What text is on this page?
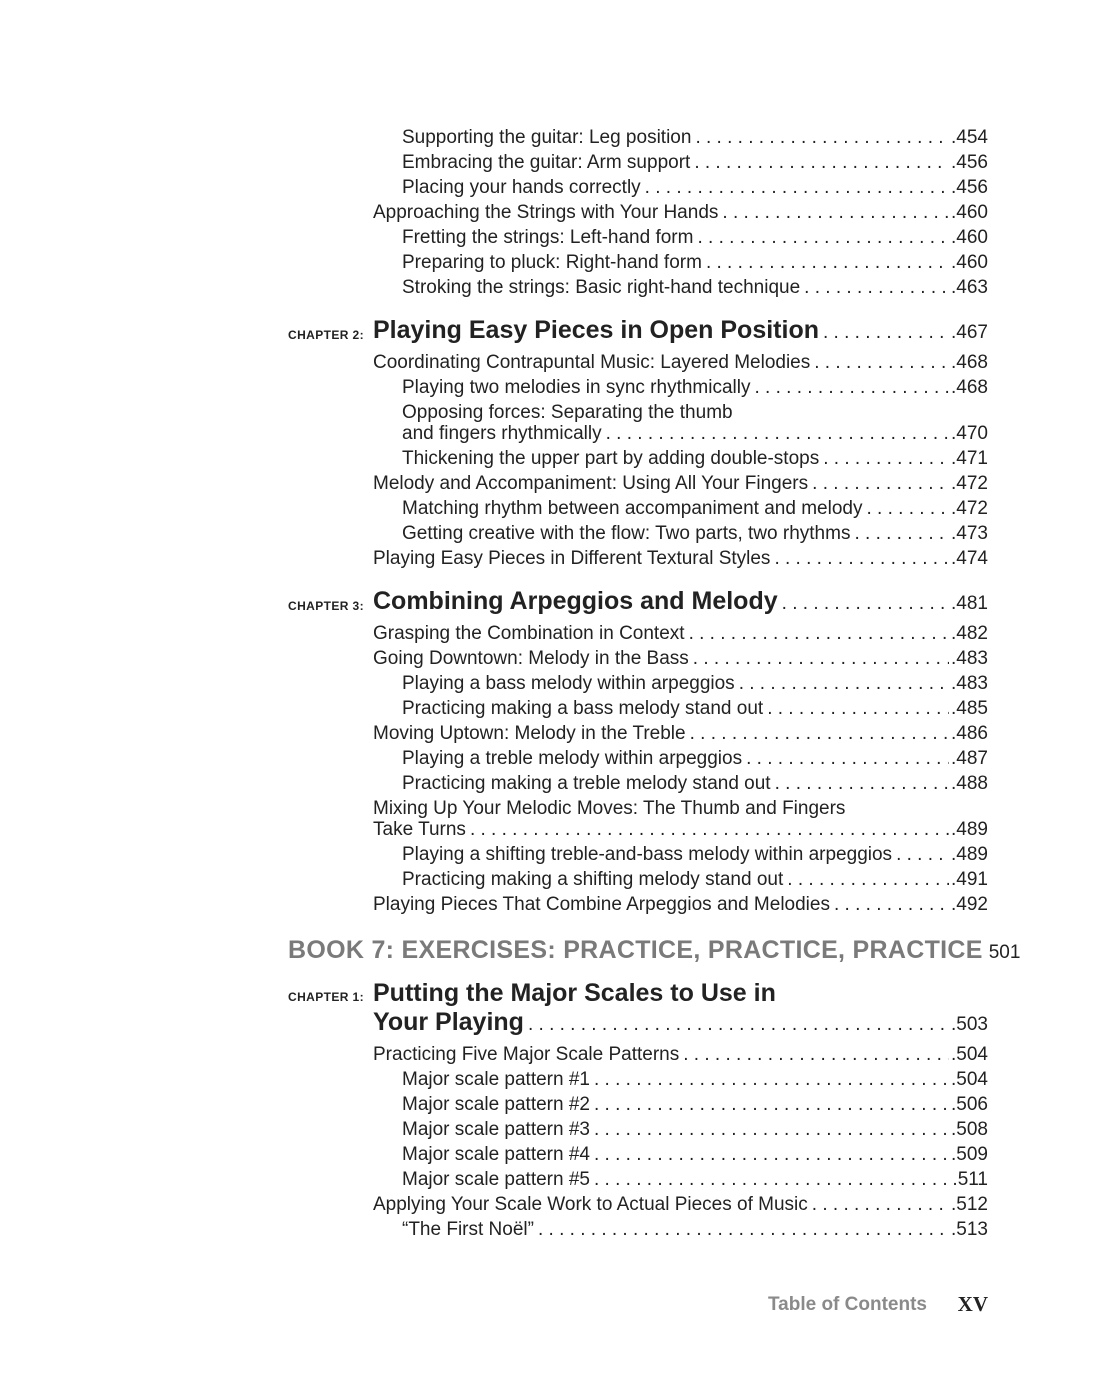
Supporting the guitar: Leg position . . .	.454
Embracing the guitar: Arm support . . .	.456
Placing your hands correctly . . .	.456
Approaching the Strings with Your Hands . . .	.460
Fretting the strings: Left-hand form . . .	.460
Preparing to pluck: Right-hand form . . .	.460
Stroking the strings: Basic right-hand technique . . .	.463
CHAPTER 2: Playing Easy Pieces in Open Position . . .	.467
Coordinating Contrapuntal Music: Layered Melodies . . .	.468
Playing two melodies in sync rhythmically . . .	.468
Opposing forces: Separating the thumb
and fingers rhythmically . . .	.470
Thickening the upper part by adding double-stops . . .	.471
Melody and Accompaniment: Using All Your Fingers . . .	.472
Matching rhythm between accompaniment and melody . . .	.472
Getting creative with the flow: Two parts, two rhythms . . .	.473
Playing Easy Pieces in Different Textural Styles . . .	.474
CHAPTER 3: Combining Arpeggios and Melody . . .	.481
Grasping the Combination in Context . . .	.482
Going Downtown: Melody in the Bass . . .	.483
Playing a bass melody within arpeggios . . .	.483
Practicing making a bass melody stand out . . .	.485
Moving Uptown: Melody in the Treble . . .	.486
Playing a treble melody within arpeggios . . .	.487
Practicing making a treble melody stand out . . .	.488
Mixing Up Your Melodic Moves: The Thumb and Fingers
Take Turns . . .	.489
Playing a shifting treble-and-bass melody within arpeggios . . .	.489
Practicing making a shifting melody stand out . . .	.491
Playing Pieces That Combine Arpeggios and Melodies . . .	.492
BOOK 7: EXERCISES: PRACTICE, PRACTICE, PRACTICE 501
CHAPTER 1: Putting the Major Scales to Use in
Your Playing . . .	.503
Practicing Five Major Scale Patterns . . .	.504
Major scale pattern #1 . . .	.504
Major scale pattern #2 . . .	.506
Major scale pattern #3 . . .	.508
Major scale pattern #4 . . .	.509
Major scale pattern #5 . . .	.511
Applying Your Scale Work to Actual Pieces of Music . . .	.512
“The First Noël” . . .	.513
Table of Contents XV
